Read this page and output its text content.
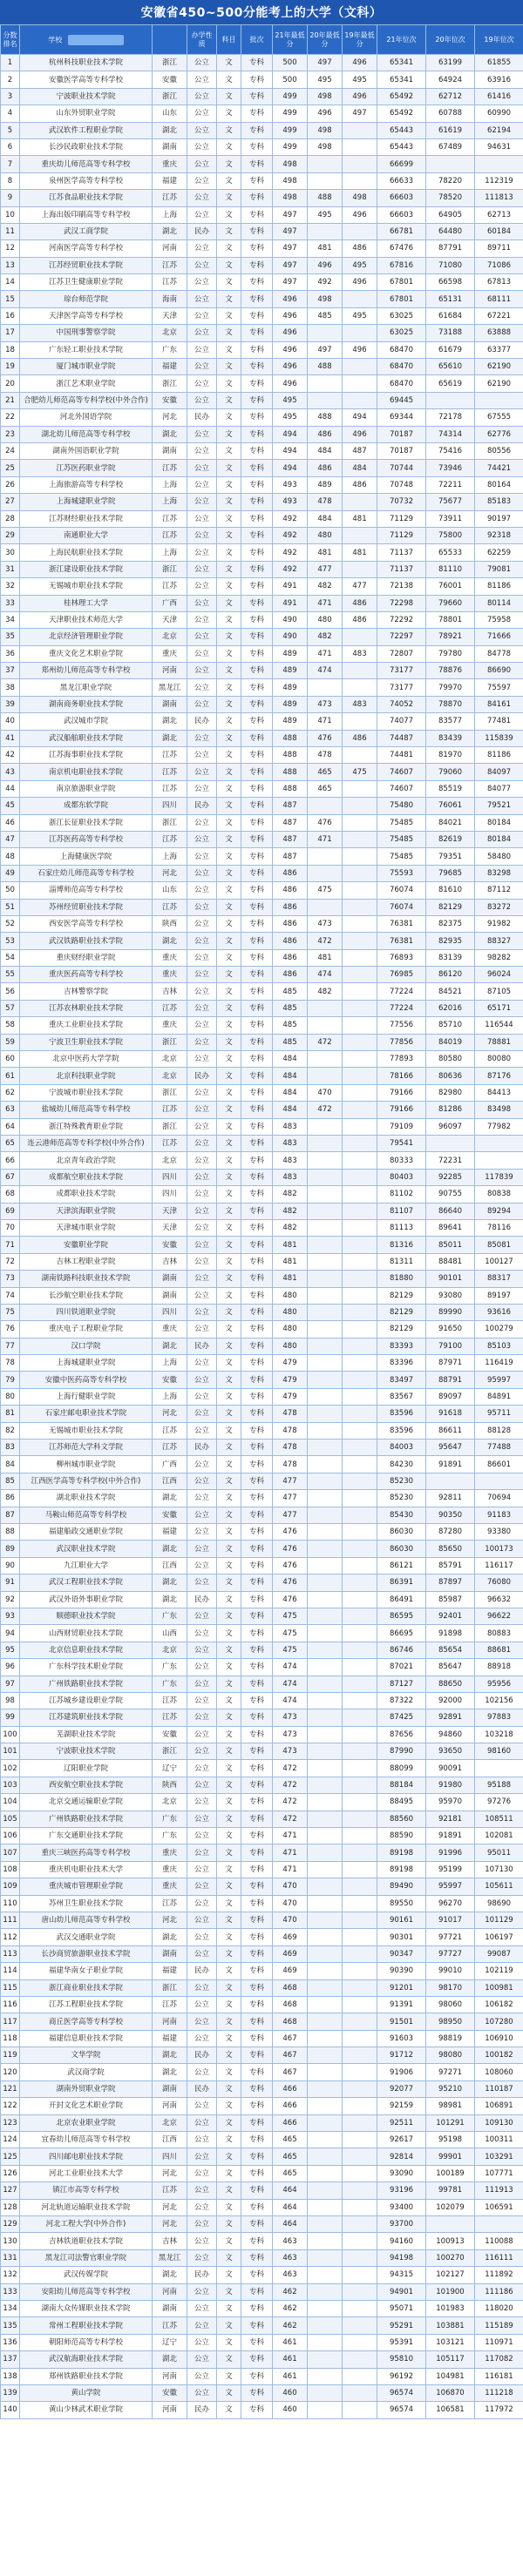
安徽省450~500分能考上的大学（文科）
分数排名	学校		办学性质	科目	批次	21年最低分	20年最低分	19年最低分	21年位次	20年位次	19年位次
1	杭州科技职业技术学院	浙江	公立	文	专科	500	497	496	65341	63199	61855
2	安徽医学高等专科学校	安徽	公立	文	专科	500	495	495	65341	64924	63916
3	宁波职业技术学院	浙江	公立	文	专科	499	498	496	65492	62712	61416
4	山东外贸职业学院	山东	公立	文	专科	499	496	497	65492	60788	60990
5	武汉软件工程职业学院	湖北	公立	文	专科	499	498		65443	61619	62194
6	长沙民政职业技术学院	湖南	公立	文	专科	499	498		65443	67489	94631
7	重庆幼儿师范高等专科学校	重庆	公立	文	专科	498			66699		
8	泉州医学高等专科学校	福建	公立	文	专科	498			66633	78220	112319
9	江苏食品职业技术学院	江苏	公立	文	专科	498	488	498	66603	78520	111813
10	上海出版印刷高等专科学校	上海	公立	文	专科	497	495	496	66603	64905	62713
11	武汉工商学院	湖北	民办	文	专科	497			66781	64480	60184
12	河南医学高等专科学校	河南	公立	文	专科	497	481	486	67476	87791	89711
13	江苏经贸职业技术学院	江苏	公立	文	专科	497	496	495	67816	71080	71086
14	江苏卫生健康职业学院	江苏	公立	文	专科	497	492	496	67801	66598	67813
15	琼台师范学院	海南	公立	文	专科	496	498		67801	65131	68111
16	天津医学高等专科学校	天津	公立	文	专科	496	485	495	63025	61684	67221
17	中国刑事警察学院	北京	公立	文	专科	496			63025	73188	63888
18	广东轻工职业技术学院	广东	公立	文	专科	496	497	496	68470	61679	63377
19	厦门城市职业学院	福建	公立	文	专科	496	488		68470	65610	62190
20	浙江艺术职业学院	浙江	公立	文	专科	496			68470	65619	62190
21	合肥幼儿师范高等专科学校(中外合作)	安徽	公立	文	专科	495			69445		
22	河北外国语学院	河北	民办	文	专科	495	488	494	69344	72178	67555
23	湖北幼儿师范高等专科学校	湖北	公立	文	专科	494	486	496	70187	74314	62776
24	湖南外国语职业学院	湖南	公立	文	专科	494	484	487	70187	75416	80556
25	江苏医药职业学院	江苏	公立	文	专科	494	486	484	70744	73946	74421
26	上海旅游高等专科学校	上海	公立	文	专科	493	489	486	70748	72211	80164
27	上海城建职业学院	上海	公立	文	专科	493	478		70732	75677	85183
28	江苏财经职业技术学院	江苏	公立	文	专科	492	484	481	71129	73911	90197
29	南通职业大学	江苏	公立	文	专科	492	480		71129	75800	92318
30	上海民航职业技术学院	上海	公立	文	专科	492	481	481	71137	65533	62259
31	浙江建设职业技术学院	浙江	公立	文	专科	492	477		71137	81110	79081
32	无锡城市职业技术学院	江苏	公立	文	专科	491	482	477	72138	76001	81186
33	桂林理工大学	广西	公立	文	专科	491	471	486	72298	79660	80114
34	天津职业技术师范大学	天津	公立	文	专科	490	480	486	72292	78801	75958
35	北京经济管理职业学院	北京	公立	文	专科	490	482		72297	78921	71666
36	重庆文化艺术职业学院	重庆	公立	文	专科	489	471	483	72807	79780	84778
37	郑州幼儿师范高等专科学校	河南	公立	文	专科	489	474		73177	78876	86690
38	黑龙江职业学院	黑龙江	公立	文	专科	489			73177	79970	75597
39	湖南商务职业技术学院	湖南	公立	文	专科	489	473	483	74052	78870	84161
40	武汉城市学院	湖北	民办	文	专科	489	471		74077	83577	77481
41	武汉船舶职业技术学院	湖北	公立	文	专科	488	476	486	74487	83439	115839
42	江苏海事职业技术学院	江苏	公立	文	专科	488	478		74481	81970	81186
43	南京机电职业技术学院	江苏	公立	文	专科	488	465	475	74607	79060	84097
44	南京旅游职业学院	江苏	公立	文	专科	488	465		74607	85519	84077
45	成都东软学院	四川	民办	文	专科	487			75480	76061	79521
46	浙江长征职业技术学院	浙江	公立	文	专科	487	476		75485	84021	80184
47	江苏医药高等专科学校	江苏	公立	文	专科	487	471		75485	82619	80184
48	上海健康医学院	上海	公立	文	专科	487			75485	79351	58480
49	石家庄幼儿师范高等专科学校	河北	公立	文	专科	486			75593	79685	83298
50	淄博师范高等专科学校	山东	公立	文	专科	486	475		76074	81610	87112
51	苏州经贸职业技术学院	江苏	公立	文	专科	486			76074	82129	83272
52	西安医学高等专科学校	陕西	公立	文	专科	486	473		76381	82375	91982
53	武汉铁路职业技术学院	湖北	公立	文	专科	486	472		76381	82935	88327
54	重庆财经职业学院	重庆	公立	文	专科	486	481		76893	83139	98282
55	重庆医药高等专科学校	重庆	公立	文	专科	486	474		76985	86120	96024
56	吉林警察学院	吉林	公立	文	专科	485	482		77224	84521	87105
57	江苏农林职业技术学院	江苏	公立	文	专科	485			77224	62016	65171
58	重庆工业职业技术学院	重庆	公立	文	专科	485			77556	85710	116544
59	宁波卫生职业技术学院	浙江	公立	文	专科	485	472		77856	84019	78881
60	北京中医药大学学院	北京	公立	文	专科	484			77893	80580	80080
61	北京科技职业学院	北京	民办	文	专科	484			78166	80636	87176
62	宁波城市职业技术学院	浙江	公立	文	专科	484	470		79166	82980	84413
63	盐城幼儿师范高等专科学校	江苏	公立	文	专科	484	472		79166	81286	83498
64	浙江特殊教育职业学院	浙江	公立	文	专科	483			79109	96097	77982
65	连云港师范高等专科学校(中外合作)	江苏	公立	文	专科	483			79541		
66	北京青年政治学院	北京	公立	文	专科	483			80333	72231	
67	成都航空职业技术学院	四川	公立	文	专科	483			80403	92285	117839
68	成都职业技术学院	四川	公立	文	专科	482			81102	90755	80838
69	天津滨海职业学院	天津	公立	文	专科	482			81107	86640	89294
70	天津城市职业学院	天津	公立	文	专科	482			81113	89641	78116
71	安徽职业学院	安徽	公立	文	专科	481			81316	85011	85081
72	吉林工程职业学院	吉林	公立	文	专科	481			81311	88481	100127
73	湖南铁路科技职业技术学院	湖南	公立	文	专科	481			81880	90101	88317
74	长沙航空职业技术学院	湖南	公立	文	专科	480			82129	93080	89197
75	四川铁道职业学院	四川	公立	文	专科	480			82129	89990	93616
76	重庆电子工程职业学院	重庆	公立	文	专科	480			82129	91650	100279
77	汉口学院	湖北	民办	文	专科	480			83393	79100	85103
78	上海城建职业学院	上海	公立	文	专科	479			83396	87971	116419
79	安徽中医药高等专科学校	安徽	公立	文	专科	479			83497	88791	95997
80	上海行健职业学院	上海	公立	文	专科	479			83567	89097	84891
81	石家庄邮电职业技术学院	河北	公立	文	专科	478			83596	91618	95711
82	无锡城市职业技术学院	江苏	公立	文	专科	478			83596	86611	88128
83	江苏师范大学科文学院	江苏	民办	文	专科	478			84003	95647	77488
84	柳州城市职业学院	广西	公立	文	专科	478			84230	91891	86601
85	江西医学高等专科学校(中外合作)	江西	公立	文	专科	477			85230		
86	湖北职业技术学院	湖北	公立	文	专科	477			85230	92811	70694
87	马鞍山师范高等专科学校	安徽	公立	文	专科	477			85430	90350	91183
88	福建船政交通职业学院	福建	公立	文	专科	476			86030	87280	93380
89	武汉职业技术学院	湖北	公立	文	专科	476			86030	85650	100173
90	九江职业大学	江西	公立	文	专科	476			86121	85791	116117
91	武汉工程职业技术学院	湖北	公立	文	专科	476			86391	87897	76080
92	武汉外语外事职业学院	湖北	民办	文	专科	476			86491	85987	96632
93	顺德职业技术学院	广东	公立	文	专科	475			86595	92401	96622
94	山西财贸职业技术学院	山西	公立	文	专科	475			86695	91898	80883
95	北京信息职业技术学院	北京	公立	文	专科	475			86746	85654	88681
96	广东科学技术职业学院	广东	公立	文	专科	474			87021	85647	88918
97	广州铁路职业技术学院	广东	公立	文	专科	474			87127	88650	95956
98	江苏城乡建设职业学院	江苏	公立	文	专科	474			87322	92000	102156
99	江苏建筑职业技术学院	江苏	公立	文	专科	473			87425	92891	97883
100	芜湖职业技术学院	安徽	公立	文	专科	473			87656	94860	103218
101	宁波职业技术学院	浙江	公立	文	专科	473			87990	93650	98160
102	辽阳职业学院	辽宁	公立	文	专科	472			88099	90091	
103	西安航空职业技术学院	陕西	公立	文	专科	472			88184	91980	95188
104	北京交通运输职业学院	北京	公立	文	专科	472			88495	95970	97276
105	广州铁路职业技术学院	广东	公立	文	专科	472			88560	92181	108511
106	广东交通职业技术学院	广东	公立	文	专科	471			88590	91891	102081
107	重庆三峡医药高等专科学校	重庆	公立	文	专科	471			89198	91996	95011
108	重庆机电职业技术大学	重庆	公立	文	专科	471			89198	95199	107130
109	重庆城市管理职业学院	重庆	公立	文	专科	470			89490	95997	105611
110	苏州卫生职业技术学院	江苏	公立	文	专科	470			89550	96270	98690
111	唐山幼儿师范高等专科学校	河北	公立	文	专科	470			90161	91017	101129
112	武汉交通职业学院	湖北	公立	文	专科	469			90301	97721	106197
113	长沙商贸旅游职业技术学院	湖南	公立	文	专科	469			90347	97727	99087
114	福建华南女子职业学院	福建	民办	文	专科	469			90390	99010	102119
115	浙江商业职业技术学院	浙江	公立	文	专科	468			91201	98170	100981
116	江苏工程职业技术学院	江苏	公立	文	专科	468			91391	98060	106182
117	商丘医学高等专科学校	河南	公立	文	专科	468			91501	98950	107280
118	福建信息职业技术学院	福建	公立	文	专科	467			91603	98819	106910
119	文华学院	湖北	民办	文	专科	467			91712	98080	100182
120	武汉商学院	湖北	公立	文	专科	467			91906	97271	108060
121	湖南外贸职业学院	湖南	民办	文	专科	466			92077	95210	110187
122	开封文化艺术职业学院	河南	公立	文	专科	466			92159	98981	106891
123	北京农业职业学院	北京	公立	文	专科	466			92511	101291	109130
124	宜春幼儿师范高等专科学校	江西	公立	文	专科	465			92617	95198	100311
125	四川邮电职业技术学院	四川	公立	文	专科	465			92814	99901	103291
126	河北工业职业技术大学	河北	公立	文	专科	465			93090	100189	107771
127	镇江市高等专科学校	江苏	公立	文	专科	464			93196	99781	111913
128	河北轨道运输职业技术学院	河北	公立	文	专科	464			93400	102079	106591
129	河北工程大学(中外合作)	河北	公立	文	专科	464			93700		
130	吉林铁道职业技术学院	吉林	公立	文	专科	463			94160	100913	110088
131	黑龙江司法警官职业学院	黑龙江	公立	文	专科	463			94198	100270	116111
132	武汉传媒学院	湖北	民办	文	专科	463			94315	102127	111892
133	安阳幼儿师范高等专科学校	河南	公立	文	专科	462			94901	101900	111186
134	湖南大众传媒职业技术学院	湖南	公立	文	专科	462			95071	101983	118020
135	常州工程职业技术学院	江苏	公立	文	专科	462			95291	103881	115189
136	朝阳师范高等专科学校	辽宁	公立	文	专科	461			95391	103121	110971
137	武汉航海职业技术学院	湖北	公立	文	专科	461			95810	105117	117082
138	郑州铁路职业技术学院	河南	公立	文	专科	461			96192	104981	116181
139	黄山学院	安徽	公立	文	专科	460			96574	106870	111218
140	黄山少林武术职业学院	河南	民办	文	专科	460			96574	106581	117972
